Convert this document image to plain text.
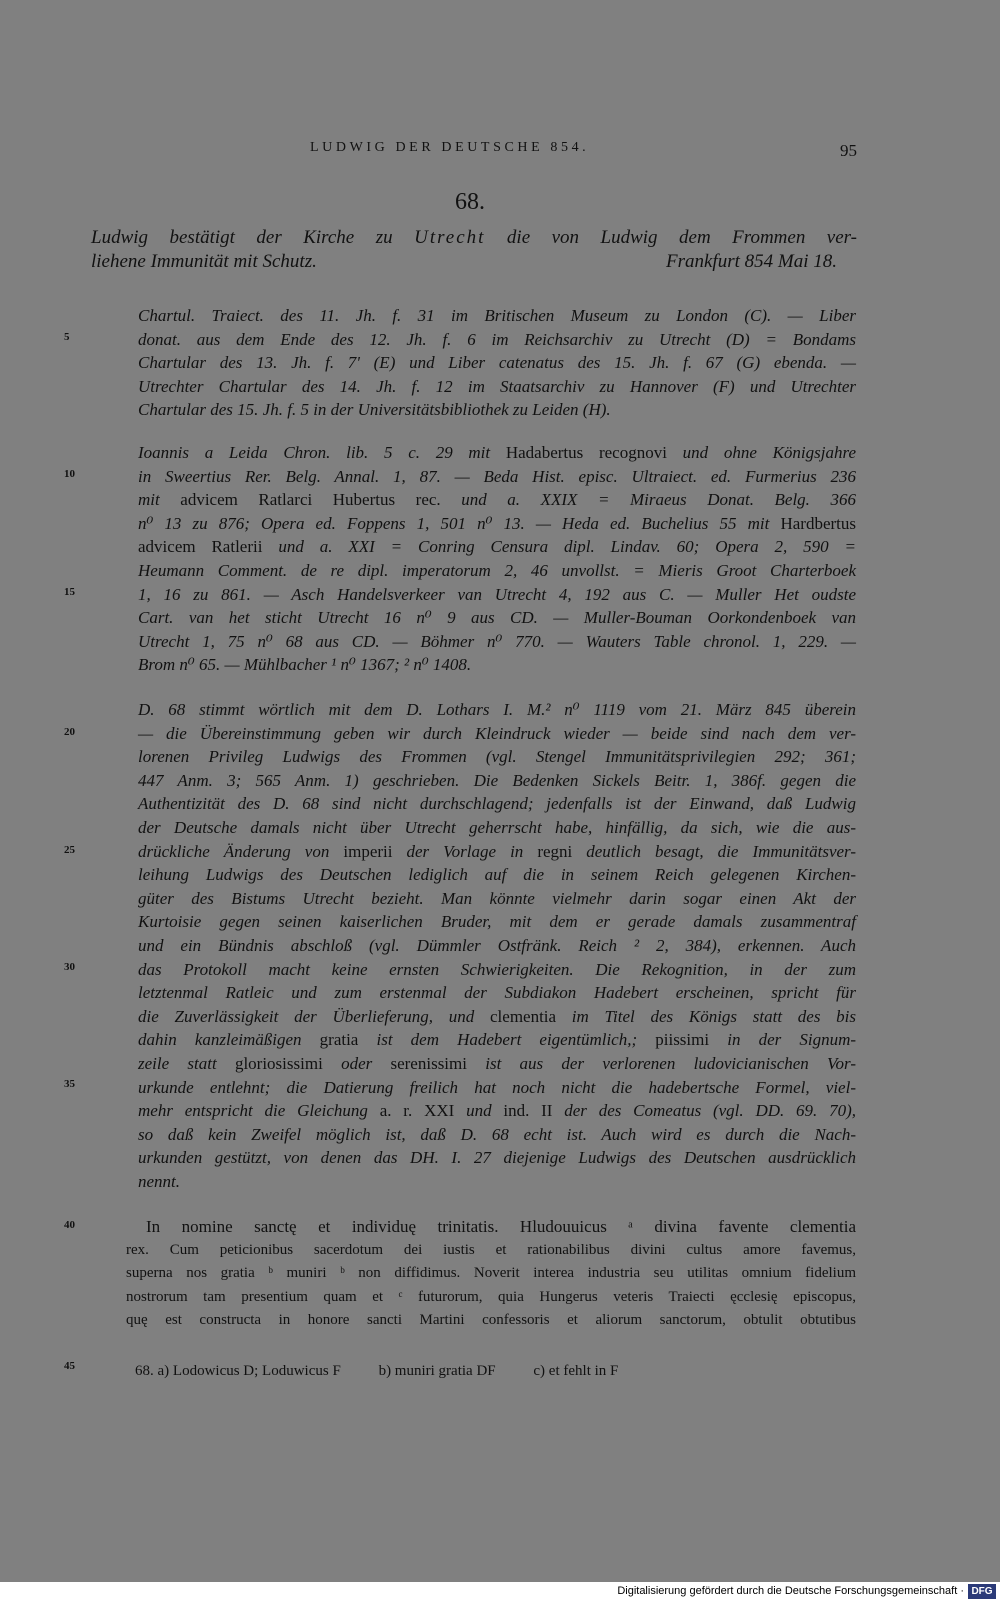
LUDWIG DER DEUTSCHE 854.	95
68.
Ludwig bestätigt der Kirche zu Utrecht die von Ludwig dem Frommen ver-
liehene Immunität mit Schutz.	Frankfurt 854 Mai 18.
Chartul. Traiect. des 11. Jh. f. 31 im Britischen Museum zu London (C). — Liber
donat. aus dem Ende des 12. Jh. f. 6 im Reichsarchiv zu Utrecht (D) = Bondams
Chartular des 13. Jh. f. 7' (E) und Liber catenatus des 15. Jh. f. 67 (G) ebenda. —
Utrechter Chartular des 14. Jh. f. 12 im Staatsarchiv zu Hannover (F) und Utrechter
Chartular des 15. Jh. f. 5 in der Universitätsbibliothek zu Leiden (H).
Ioannis a Leida Chron. lib. 5 c. 29 mit Hadabertus recognovi und ohne Königsjahre
in Sweertius Rer. Belg. Annal. 1, 87. — Beda Hist. episc. Ultraiect. ed. Furmerius 236
mit advicem Ratlarci Hubertus rec. und a. XXIX = Miraeus Donat. Belg. 366
n⁰ 13 zu 876; Opera ed. Foppens 1, 501 n⁰ 13. — Heda ed. Buchelius 55 mit Hardbertus
advicem Ratlerii und a. XXI = Conring Censura dipl. Lindav. 60; Opera 2, 590 =
Heumann Comment. de re dipl. imperatorum 2, 46 unvollst. = Mieris Groot Charterboek
1, 16 zu 861. — Asch Handelsverkeer van Utrecht 4, 192 aus C. — Muller Het oudste
Cart. van het sticht Utrecht 16 n⁰ 9 aus CD. — Muller-Bouman Oorkondenboek van
Utrecht 1, 75 n⁰ 68 aus CD. — Böhmer n⁰ 770. — Wauters Table chronol. 1, 229. —
Brom n⁰ 65. — Mühlbacher ¹ n⁰ 1367; ² n⁰ 1408.
D. 68 stimmt wörtlich mit dem D. Lothars I. M.² n⁰ 1119 vom 21. März 845 überein
— die Übereinstimmung geben wir durch Kleindruck wieder — beide sind nach dem ver-
lorenen Privileg Ludwigs des Frommen (vgl. Stengel Immunitätsprivilegien 292; 361;
447 Anm. 3; 565 Anm. 1) geschrieben. Die Bedenken Sickels Beitr. 1, 386f. gegen die
Authentizität des D. 68 sind nicht durchschlagend; jedenfalls ist der Einwand, daß Ludwig
der Deutsche damals nicht über Utrecht geherrscht habe, hinfällig, da sich, wie die aus-
drückliche Änderung von imperii der Vorlage in regni deutlich besagt, die Immunitätsver-
leihung Ludwigs des Deutschen lediglich auf die in seinem Reich gelegenen Kirchen-
güter des Bistums Utrecht bezieht. Man könnte vielmehr darin sogar einen Akt der
Kurtoisie gegen seinen kaiserlichen Bruder, mit dem er gerade damals zusammentraf
und ein Bündnis abschloß (vgl. Dümmler Ostfränk. Reich ² 2, 384), erkennen. Auch
das Protokoll macht keine ernsten Schwierigkeiten. Die Rekognition, in der zum
letztenmal Ratleic und zum erstenmal der Subdiakon Hadebert erscheinen, spricht für
die Zuverlässigkeit der Überlieferung, und clementia im Titel des Königs statt des bis
dahin kanzleimäßigen gratia ist dem Hadebert eigentümlich,; piissimi in der Signum-
zeile statt gloriosissimi oder serenissimi ist aus der verlorenen ludovicianischen Vor-
urkunde entlehnt; die Datierung freilich hat noch nicht die hadebertsche Formel, viel-
mehr entspricht die Gleichung a. r. XXI und ind. II der des Comeatus (vgl. DD. 69. 70),
so daß kein Zweifel möglich ist, daß D. 68 echt ist. Auch wird es durch die Nach-
urkunden gestützt, von denen das DH. I. 27 diejenige Ludwigs des Deutschen ausdrücklich
nennt.
In nomine sanctę et individuę trinitatis. Hludouuicus ᵃ divina favente clementia
rex. Cum peticionibus sacerdotum dei iustis et rationabilibus divini cultus amore favemus,
superna nos gratia ᵇ muniri ᵇ non diffidimus. Noverit interea industria seu utilitas omnium fidelium
nostrorum tam presentium quam et ᶜ futurorum, quia Hungerus veteris Traiecti ęcclesię episcopus,
quę est constructa in honore sancti Martini confessoris et aliorum sanctorum, obtulit obtutibus
68. a) Lodowicus D; Loduwicus F	b) muniri gratia DF	c) et fehlt in F
5
10
15
20
25
30
35
40
45
Digitalisierung gefördert durch die Deutsche Forschungsgemeinschaft · DFG
